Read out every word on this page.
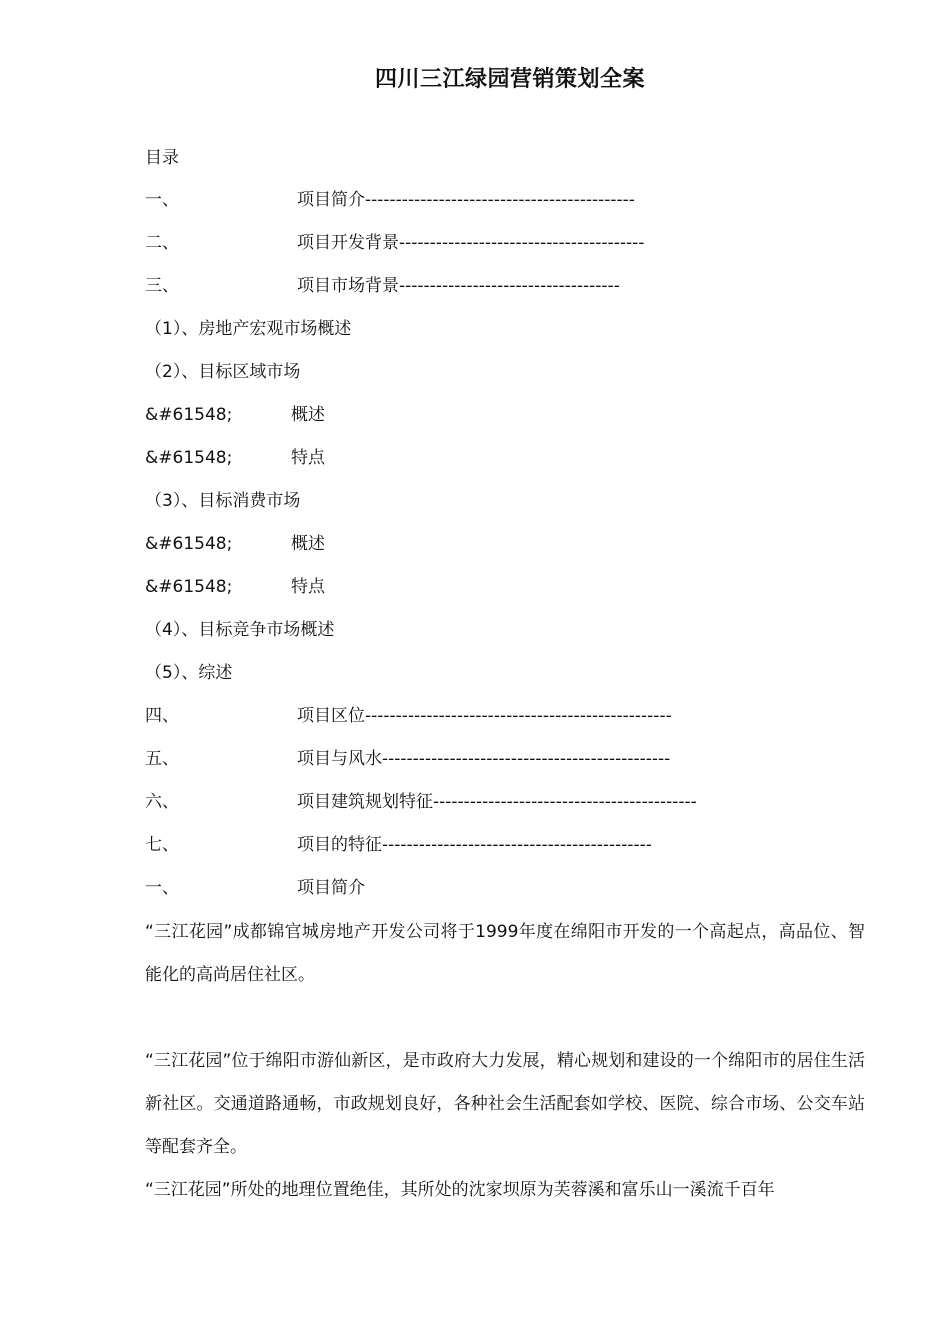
四川三江绿园营销策划全案
目录
一、	项目简介--------------------------------------------
二、	项目开发背景----------------------------------------
三、	项目市场背景------------------------------------
（1）、房地产宏观市场概述
（2）、目标区域市场
&#61548;	概述
&#61548;	特点
（3）、目标消费市场
&#61548;	概述
&#61548;	特点
（4）、目标竞争市场概述
（5）、综述
四、	项目区位--------------------------------------------------
五、	项目与风水-----------------------------------------------
六、	项目建筑规划特征-------------------------------------------
七、	项目的特征--------------------------------------------
一、	项目简介
“三江花园”成都锦官城房地产开发公司将于1999年度在绵阳市开发的一个高起点，高品位、智能化的高尚居住社区。
“三江花园”位于绵阳市游仙新区，是市政府大力发展，精心规划和建设的一个绵阳市的居住生活新社区。交通道路通畅，市政规划良好，各种社会生活配套如学校、医院、综合市场、公交车站等配套齐全。
“三江花园”所处的地理位置绝佳，其所处的沈家坝原为芙蓉溪和富乐山一溪流千百年
